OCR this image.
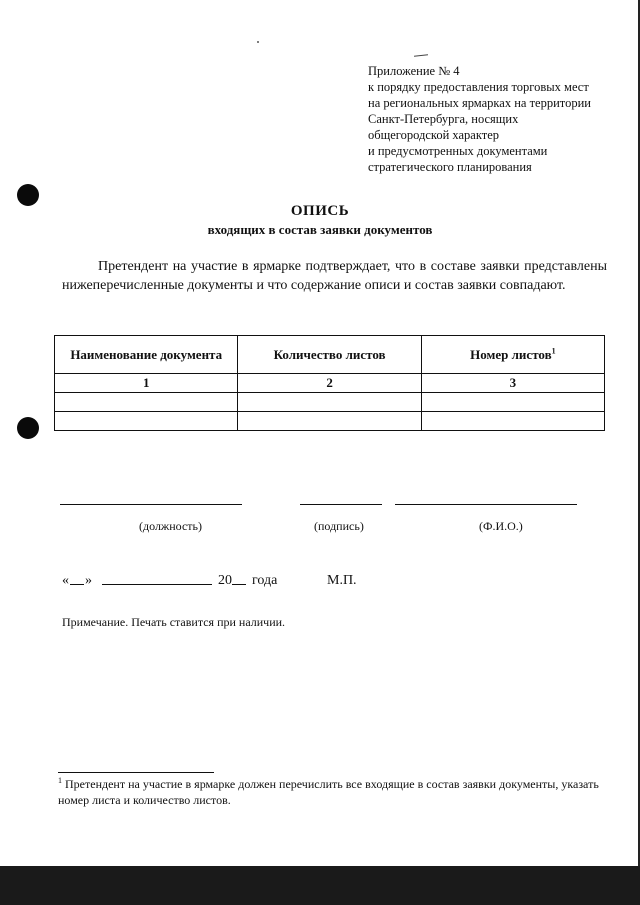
Приложение № 4
к порядку предоставления торговых мест
на региональных ярмарках на территории
Санкт-Петербурга, носящих
общегородской характер
и предусмотренных документами
стратегического планирования
ОПИСЬ
входящих в состав заявки документов
Претендент на участие в ярмарке подтверждает, что в составе заявки представлены нижеперечисленные документы и что содержание описи и состав заявки совпадают.
Наименование документа	Количество листов	Номер листов$^1$
1	2	3

(должность)	(подпись)	(Ф.И.О.)
« »	20 года	М.П.
Примечание. Печать ставится при наличии.
$^1$ Претендент на участие в ярмарке должен перечислить все входящие в состав заявки документы, указать номер листа и количество листов.
